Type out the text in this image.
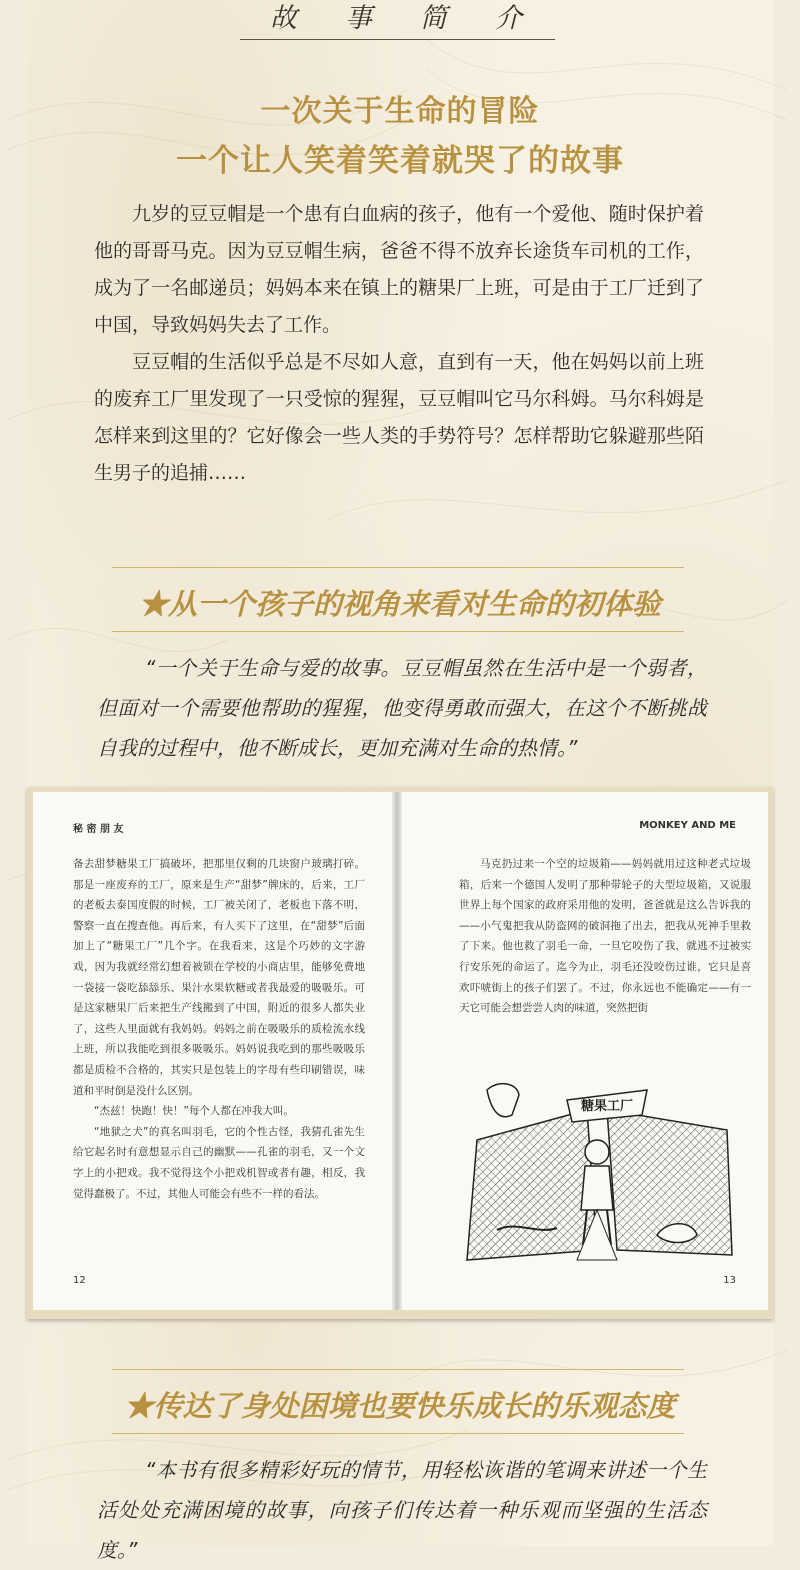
故事简介
一次关于生命的冒险
一个让人笑着笑着就哭了的故事

九岁的豆豆帽是一个患有白血病的孩子，他有一个爱他、随时保护着他的哥哥马克。因为豆豆帽生病，爸爸不得不放弃长途货车司机的工作，成为了一名邮递员；妈妈本来在镇上的糖果厂上班，可是由于工厂迁到了中国，导致妈妈失去了工作。

豆豆帽的生活似乎总是不尽如人意，直到有一天，他在妈妈以前上班的废弃工厂里发现了一只受惊的猩猩，豆豆帽叫它马尔科姆。马尔科姆是怎样来到这里的？它好像会一些人类的手势符号？怎样帮助它躲避那些陌生男子的追捕……

★从一个孩子的视角来看对生命的初体验

“一个关于生命与爱的故事。豆豆帽虽然在生活中是一个弱者，但面对一个需要他帮助的猩猩，他变得勇敢而强大，在这个不断挑战自我的过程中，他不断成长，更加充满对生命的热情。”

秘 密 朋 友

备去甜梦糖果工厂搞破坏，把那里仅剩的几块窗户玻璃打碎。那是一座废弃的工厂，原来是生产“甜梦”牌床的，后来，工厂的老板去泰国度假的时候，工厂被关闭了，老板也下落不明，警察一直在搜查他。再后来，有人买下了这里，在“甜梦”后面加上了“糖果工厂”几个字。在我看来，这是个巧妙的文字游戏，因为我就经常幻想着被锁在学校的小商店里，能够免费地一袋接一袋吃舔舔乐、果汁水果软糖或者我最爱的吸吸乐。可是这家糖果厂后来把生产线搬到了中国，附近的很多人都失业了，这些人里面就有我妈妈。妈妈之前在吸吸乐的质检流水线上班，所以我能吃到很多吸吸乐。妈妈说我吃到的那些吸吸乐都是质检不合格的，其实只是包装上的字母有些印刷错误，味道和平时倒是没什么区别。

“杰兹！快跑！快！”每个人都在冲我大叫。

“地狱之犬”的真名叫羽毛，它的个性古怪，我猜孔雀先生给它起名时有意想显示自己的幽默——孔雀的羽毛，又一个文字上的小把戏。我不觉得这个小把戏机智或者有趣，相反，我觉得蠢极了。不过，其他人可能会有些不一样的看法。

12
MONKEY AND ME

马克扔过来一个空的垃圾箱——妈妈就用过这种老式垃圾箱，后来一个德国人发明了那种带轮子的大型垃圾箱，又说服世界上每个国家的政府采用他的发明，爸爸就是这么告诉我的——小气鬼把我从防盗网的破洞拖了出去，把我从死神手里救了下来。他也救了羽毛一命，一旦它咬伤了我，就逃不过被实行安乐死的命运了。迄今为止，羽毛还没咬伤过谁，它只是喜欢吓唬街上的孩子们罢了。不过，你永远也不能确定——有一天它可能会想尝尝人肉的味道，突然把街

糖果工厂
13
★传达了身处困境也要快乐成长的乐观态度

“本书有很多精彩好玩的情节，用轻松诙谐的笔调来讲述一个生活处处充满困境的故事，向孩子们传达着一种乐观而坚强的生活态度。”
